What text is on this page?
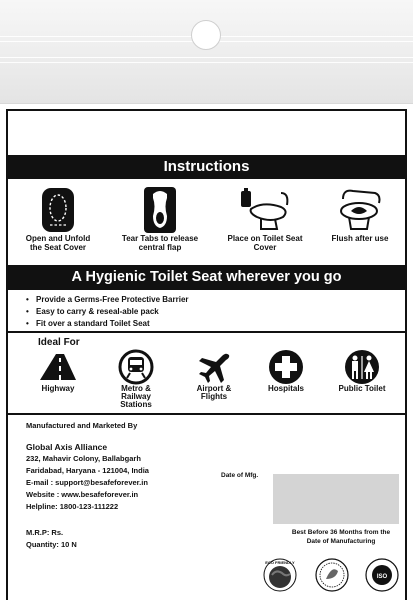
Instructions
Open and Unfold
the Seat Cover
Tear Tabs to release
central flap
Place on Toilet Seat
Cover
Flush after use
A Hygienic Toilet Seat wherever you go
• Provide a Germs-Free Protective Barrier
• Easy to carry & reseal-able pack
• Fit over a standard Toilet Seat
Ideal For
Highway	Metro &
Railway
Stations
Airport &
Flights
Hospitals	Public Toilet
Manufactured and Marketed By
Global Axis Alliance
232, Mahavir Colony, Ballabgarh
Faridabad, Haryana - 121004, India
E-mail : support@besafeforever.in
Website : www.besafeforever.in
Helpline: 1800-123-111222
M.R.P: Rs.
Quantity: 10 N
Date of Mfg.
Best Before 36 Months from the
Date of Manufacturing
ECO FRIENDLY
ISO
